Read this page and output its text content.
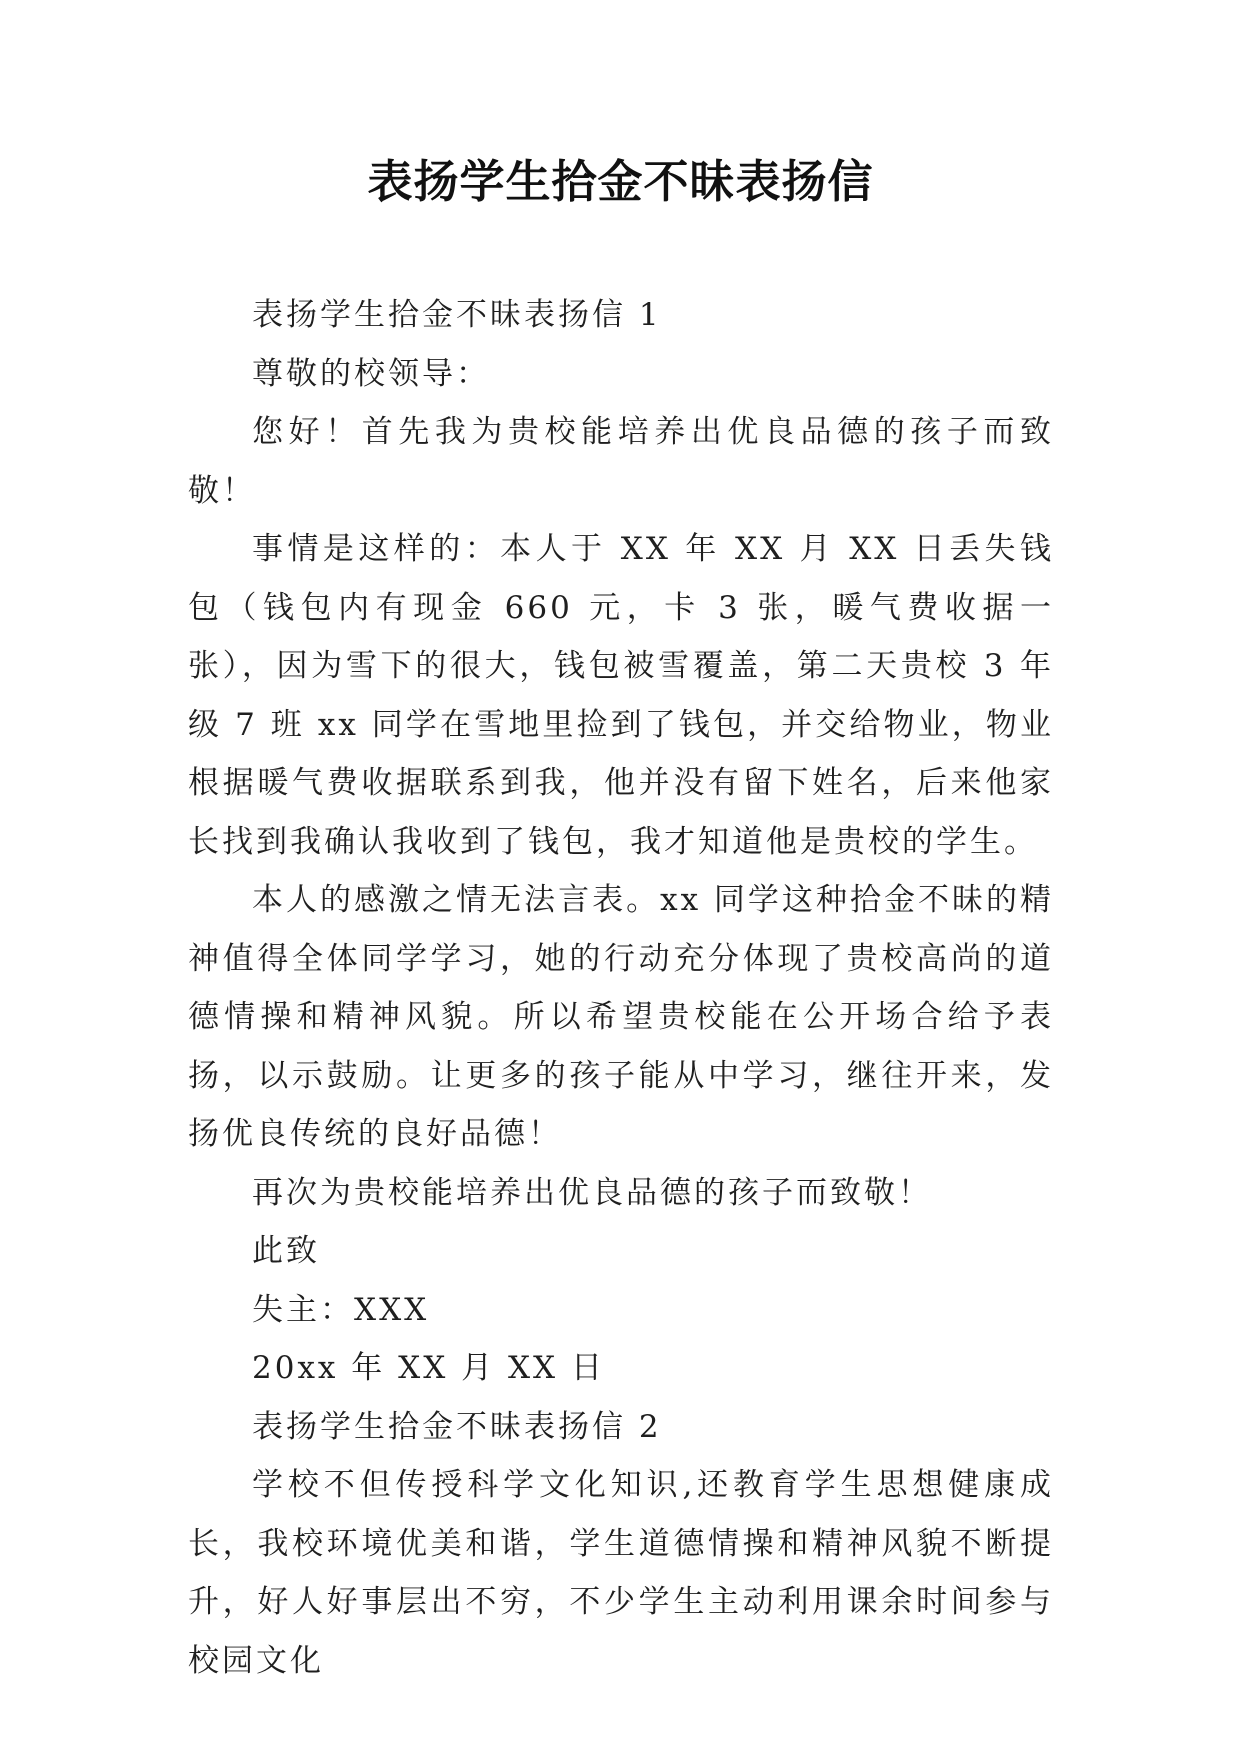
表扬学生拾金不昧表扬信

表扬学生拾金不昧表扬信 1

尊敬的校领导：

您好！首先我为贵校能培养出优良品德的孩子而致敬！

事情是这样的：本人于 XX 年 XX 月 XX 日丢失钱包（钱包内有现金 660 元，卡 3 张，暖气费收据一张），因为雪下的很大，钱包被雪覆盖，第二天贵校 3 年级 7 班 xx 同学在雪地里捡到了钱包，并交给物业，物业根据暖气费收据联系到我，他并没有留下姓名，后来他家长找到我确认我收到了钱包，我才知道他是贵校的学生。

本人的感激之情无法言表。xx 同学这种拾金不昧的精神值得全体同学学习，她的行动充分体现了贵校高尚的道德情操和精神风貌。所以希望贵校能在公开场合给予表扬，以示鼓励。让更多的孩子能从中学习，继往开来，发扬优良传统的良好品德！

再次为贵校能培养出优良品德的孩子而致敬！

此致

失主：XXX

20xx 年 XX 月 XX 日

表扬学生拾金不昧表扬信 2

学校不但传授科学文化知识,还教育学生思想健康成长，我校环境优美和谐，学生道德情操和精神风貌不断提升，好人好事层出不穷，不少学生主动利用课余时间参与校园文化
